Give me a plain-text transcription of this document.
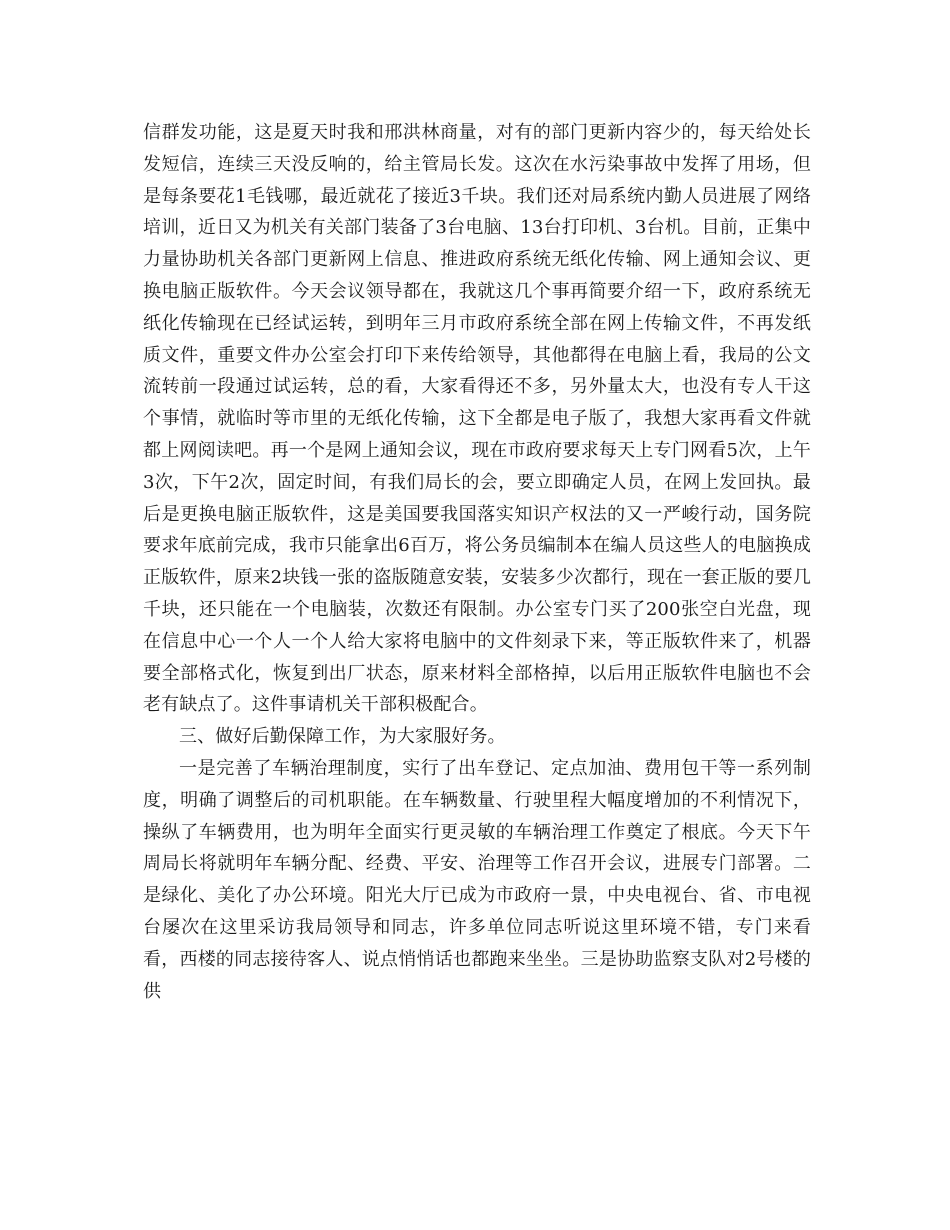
信群发功能，这是夏天时我和邢洪林商量，对有的部门更新内容少的，每天给处长发短信，连续三天没反响的，给主管局长发。这次在水污染事故中发挥了用场，但是每条要花1毛钱哪，最近就花了接近3千块。我们还对局系统内勤人员进展了网络培训，近日又为机关有关部门装备了3台电脑、13台打印机、3台机。目前，正集中力量协助机关各部门更新网上信息、推进政府系统无纸化传输、网上通知会议、更换电脑正版软件。今天会议领导都在，我就这几个事再简要介绍一下，政府系统无纸化传输现在已经试运转，到明年三月市政府系统全部在网上传输文件，不再发纸质文件，重要文件办公室会打印下来传给领导，其他都得在电脑上看，我局的公文流转前一段通过试运转，总的看，大家看得还不多，另外量太大，也没有专人干这个事情，就临时等市里的无纸化传输，这下全都是电子版了，我想大家再看文件就都上网阅读吧。再一个是网上通知会议，现在市政府要求每天上专门网看5次，上午3次，下午2次，固定时间，有我们局长的会，要立即确定人员，在网上发回执。最后是更换电脑正版软件，这是美国要我国落实知识产权法的又一严峻行动，国务院要求年底前完成，我市只能拿出6百万，将公务员编制本在编人员这些人的电脑换成正版软件，原来2块钱一张的盗版随意安装，安装多少次都行，现在一套正版的要几千块，还只能在一个电脑装，次数还有限制。办公室专门买了200张空白光盘，现在信息中心一个人一个人给大家将电脑中的文件刻录下来，等正版软件来了，机器要全部格式化，恢复到出厂状态，原来材料全部格掉，以后用正版软件电脑也不会老有缺点了。这件事请机关干部积极配合。

三、做好后勤保障工作，为大家服好务。

一是完善了车辆治理制度，实行了出车登记、定点加油、费用包干等一系列制度，明确了调整后的司机职能。在车辆数量、行驶里程大幅度增加的不利情况下，操纵了车辆费用，也为明年全面实行更灵敏的车辆治理工作奠定了根底。今天下午周局长将就明年车辆分配、经费、平安、治理等工作召开会议，进展专门部署。二是绿化、美化了办公环境。阳光大厅已成为市政府一景，中央电视台、省、市电视台屡次在这里采访我局领导和同志，许多单位同志听说这里环境不错，专门来看看，西楼的同志接待客人、说点悄悄话也都跑来坐坐。三是协助监察支队对2号楼的供
